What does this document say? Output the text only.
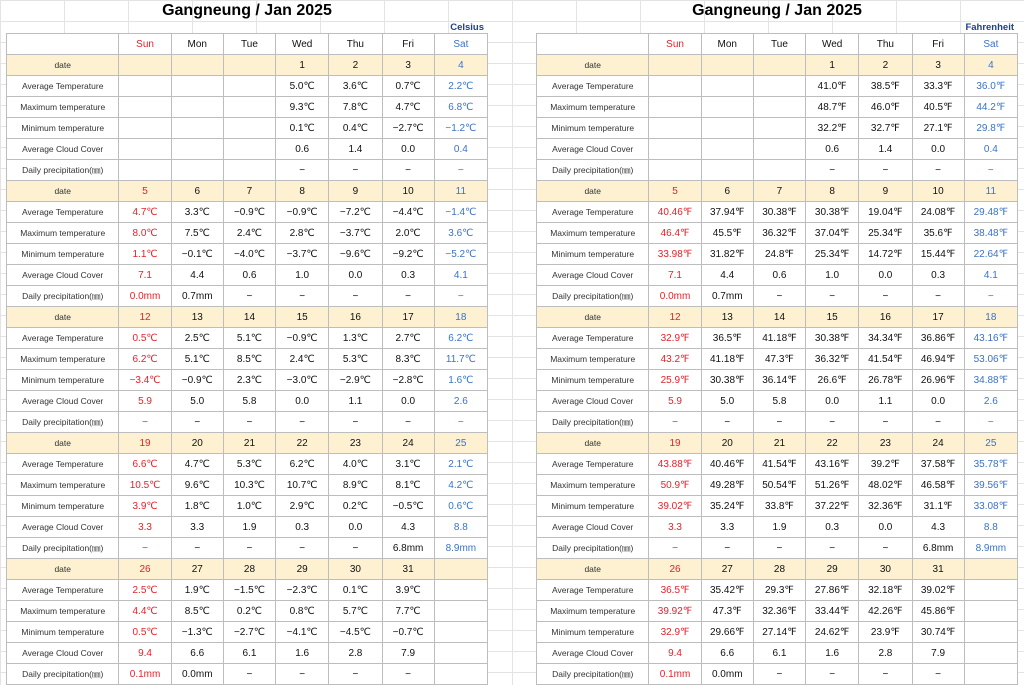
Gangneung / Jan 2025
Celsius
	Sun	Mon	Tue	Wed	Thu	Fri	Sat
date				1	2	3	4
Average Temperature				5.0℃	3.6℃	0.7℃	2.2℃
Maximum temperature				9.3℃	7.8℃	4.7℃	6.8℃
Minimum temperature				0.1℃	0.4℃	−2.7℃	−1.2℃
Average Cloud Cover				0.6	1.4	0.0	0.4
Daily precipitation(㎜)				−	−	−	−
date	5	6	7	8	9	10	11
Average Temperature	4.7℃	3.3℃	−0.9℃	−0.9℃	−7.2℃	−4.4℃	−1.4℃
Maximum temperature	8.0℃	7.5℃	2.4℃	2.8℃	−3.7℃	2.0℃	3.6℃
Minimum temperature	1.1℃	−0.1℃	−4.0℃	−3.7℃	−9.6℃	−9.2℃	−5.2℃
Average Cloud Cover	7.1	4.4	0.6	1.0	0.0	0.3	4.1
Daily precipitation(㎜)	0.0mm	0.7mm	−	−	−	−	−
date	12	13	14	15	16	17	18
Average Temperature	0.5℃	2.5℃	5.1℃	−0.9℃	1.3℃	2.7℃	6.2℃
Maximum temperature	6.2℃	5.1℃	8.5℃	2.4℃	5.3℃	8.3℃	11.7℃
Minimum temperature	−3.4℃	−0.9℃	2.3℃	−3.0℃	−2.9℃	−2.8℃	1.6℃
Average Cloud Cover	5.9	5.0	5.8	0.0	1.1	0.0	2.6
Daily precipitation(㎜)	−	−	−	−	−	−	−
date	19	20	21	22	23	24	25
Average Temperature	6.6℃	4.7℃	5.3℃	6.2℃	4.0℃	3.1℃	2.1℃
Maximum temperature	10.5℃	9.6℃	10.3℃	10.7℃	8.9℃	8.1℃	4.2℃
Minimum temperature	3.9℃	1.8℃	1.0℃	2.9℃	0.2℃	−0.5℃	0.6℃
Average Cloud Cover	3.3	3.3	1.9	0.3	0.0	4.3	8.8
Daily precipitation(㎜)	−	−	−	−	−	6.8mm	8.9mm
date	26	27	28	29	30	31	
Average Temperature	2.5℃	1.9℃	−1.5℃	−2.3℃	0.1℃	3.9℃	
Maximum temperature	4.4℃	8.5℃	0.2℃	0.8℃	5.7℃	7.7℃	
Minimum temperature	0.5℃	−1.3℃	−2.7℃	−4.1℃	−4.5℃	−0.7℃	
Average Cloud Cover	9.4	6.6	6.1	1.6	2.8	7.9	
Daily precipitation(㎜)	0.1mm	0.0mm	−	−	−	−	
Gangneung / Jan 2025
Fahrenheit
	Sun	Mon	Tue	Wed	Thu	Fri	Sat
date				1	2	3	4
Average Temperature				41.0℉	38.5℉	33.3℉	36.0℉
Maximum temperature				48.7℉	46.0℉	40.5℉	44.2℉
Minimum temperature				32.2℉	32.7℉	27.1℉	29.8℉
Average Cloud Cover				0.6	1.4	0.0	0.4
Daily precipitation(㎜)				−	−	−	−
date	5	6	7	8	9	10	11
Average Temperature	40.46℉	37.94℉	30.38℉	30.38℉	19.04℉	24.08℉	29.48℉
Maximum temperature	46.4℉	45.5℉	36.32℉	37.04℉	25.34℉	35.6℉	38.48℉
Minimum temperature	33.98℉	31.82℉	24.8℉	25.34℉	14.72℉	15.44℉	22.64℉
Average Cloud Cover	7.1	4.4	0.6	1.0	0.0	0.3	4.1
Daily precipitation(㎜)	0.0mm	0.7mm	−	−	−	−	−
date	12	13	14	15	16	17	18
Average Temperature	32.9℉	36.5℉	41.18℉	30.38℉	34.34℉	36.86℉	43.16℉
Maximum temperature	43.2℉	41.18℉	47.3℉	36.32℉	41.54℉	46.94℉	53.06℉
Minimum temperature	25.9℉	30.38℉	36.14℉	26.6℉	26.78℉	26.96℉	34.88℉
Average Cloud Cover	5.9	5.0	5.8	0.0	1.1	0.0	2.6
Daily precipitation(㎜)	−	−	−	−	−	−	−
date	19	20	21	22	23	24	25
Average Temperature	43.88℉	40.46℉	41.54℉	43.16℉	39.2℉	37.58℉	35.78℉
Maximum temperature	50.9℉	49.28℉	50.54℉	51.26℉	48.02℉	46.58℉	39.56℉
Minimum temperature	39.02℉	35.24℉	33.8℉	37.22℉	32.36℉	31.1℉	33.08℉
Average Cloud Cover	3.3	3.3	1.9	0.3	0.0	4.3	8.8
Daily precipitation(㎜)	−	−	−	−	−	6.8mm	8.9mm
date	26	27	28	29	30	31	
Average Temperature	36.5℉	35.42℉	29.3℉	27.86℉	32.18℉	39.02℉	
Maximum temperature	39.92℉	47.3℉	32.36℉	33.44℉	42.26℉	45.86℉	
Minimum temperature	32.9℉	29.66℉	27.14℉	24.62℉	23.9℉	30.74℉	
Average Cloud Cover	9.4	6.6	6.1	1.6	2.8	7.9	
Daily precipitation(㎜)	0.1mm	0.0mm	−	−	−	−	
